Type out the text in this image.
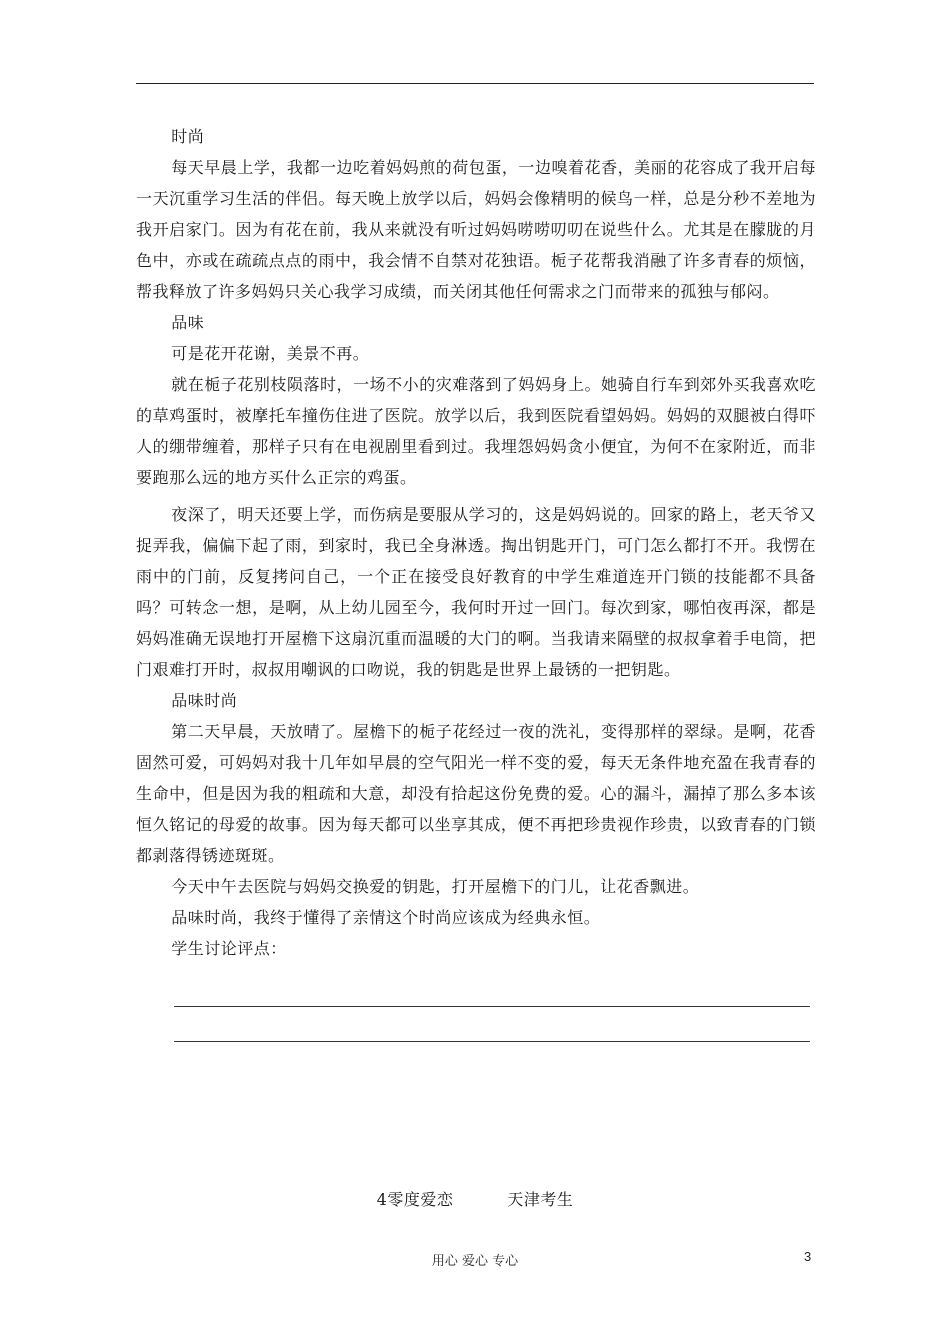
时尚

每天早晨上学，我都一边吃着妈妈煎的荷包蛋，一边嗅着花香，美丽的花容成了我开启每一天沉重学习生活的伴侣。每天晚上放学以后，妈妈会像精明的候鸟一样，总是分秒不差地为我开启家门。因为有花在前，我从来就没有听过妈妈唠唠叨叨在说些什么。尤其是在朦胧的月色中，亦或在疏疏点点的雨中，我会情不自禁对花独语。栀子花帮我消融了许多青春的烦恼，帮我释放了许多妈妈只关心我学习成绩，而关闭其他任何需求之门而带来的孤独与郁闷。

品味

可是花开花谢，美景不再。

就在栀子花别枝陨落时，一场不小的灾难落到了妈妈身上。她骑自行车到郊外买我喜欢吃的草鸡蛋时，被摩托车撞伤住进了医院。放学以后，我到医院看望妈妈。妈妈的双腿被白得吓人的绷带缠着，那样子只有在电视剧里看到过。我埋怨妈妈贪小便宜，为何不在家附近，而非要跑那么远的地方买什么正宗的鸡蛋。

夜深了，明天还要上学，而伤病是要服从学习的，这是妈妈说的。回家的路上，老天爷又捉弄我，偏偏下起了雨，到家时，我已全身淋透。掏出钥匙开门，可门怎么都打不开。我愣在雨中的门前，反复拷问自己，一个正在接受良好教育的中学生难道连开门锁的技能都不具备吗？可转念一想，是啊，从上幼儿园至今，我何时开过一回门。每次到家，哪怕夜再深，都是妈妈准确无误地打开屋檐下这扇沉重而温暖的大门的啊。当我请来隔壁的叔叔拿着手电筒，把门艰难打开时，叔叔用嘲讽的口吻说，我的钥匙是世界上最锈的一把钥匙。

品味时尚

第二天早晨，天放晴了。屋檐下的栀子花经过一夜的洗礼，变得那样的翠绿。是啊，花香固然可爱，可妈妈对我十几年如早晨的空气阳光一样不变的爱，每天无条件地充盈在我青春的生命中，但是因为我的粗疏和大意，却没有拾起这份免费的爱。心的漏斗，漏掉了那么多本该恒久铭记的母爱的故事。因为每天都可以坐享其成，便不再把珍贵视作珍贵，以致青春的门锁都剥落得锈迹斑斑。

今天中午去医院与妈妈交换爱的钥匙，打开屋檐下的门儿，让花香飘进。

品味时尚，我终于懂得了亲情这个时尚应该成为经典永恒。

学生讨论评点：

4零度爱恋	天津考生
用心 爱心 专心	3
